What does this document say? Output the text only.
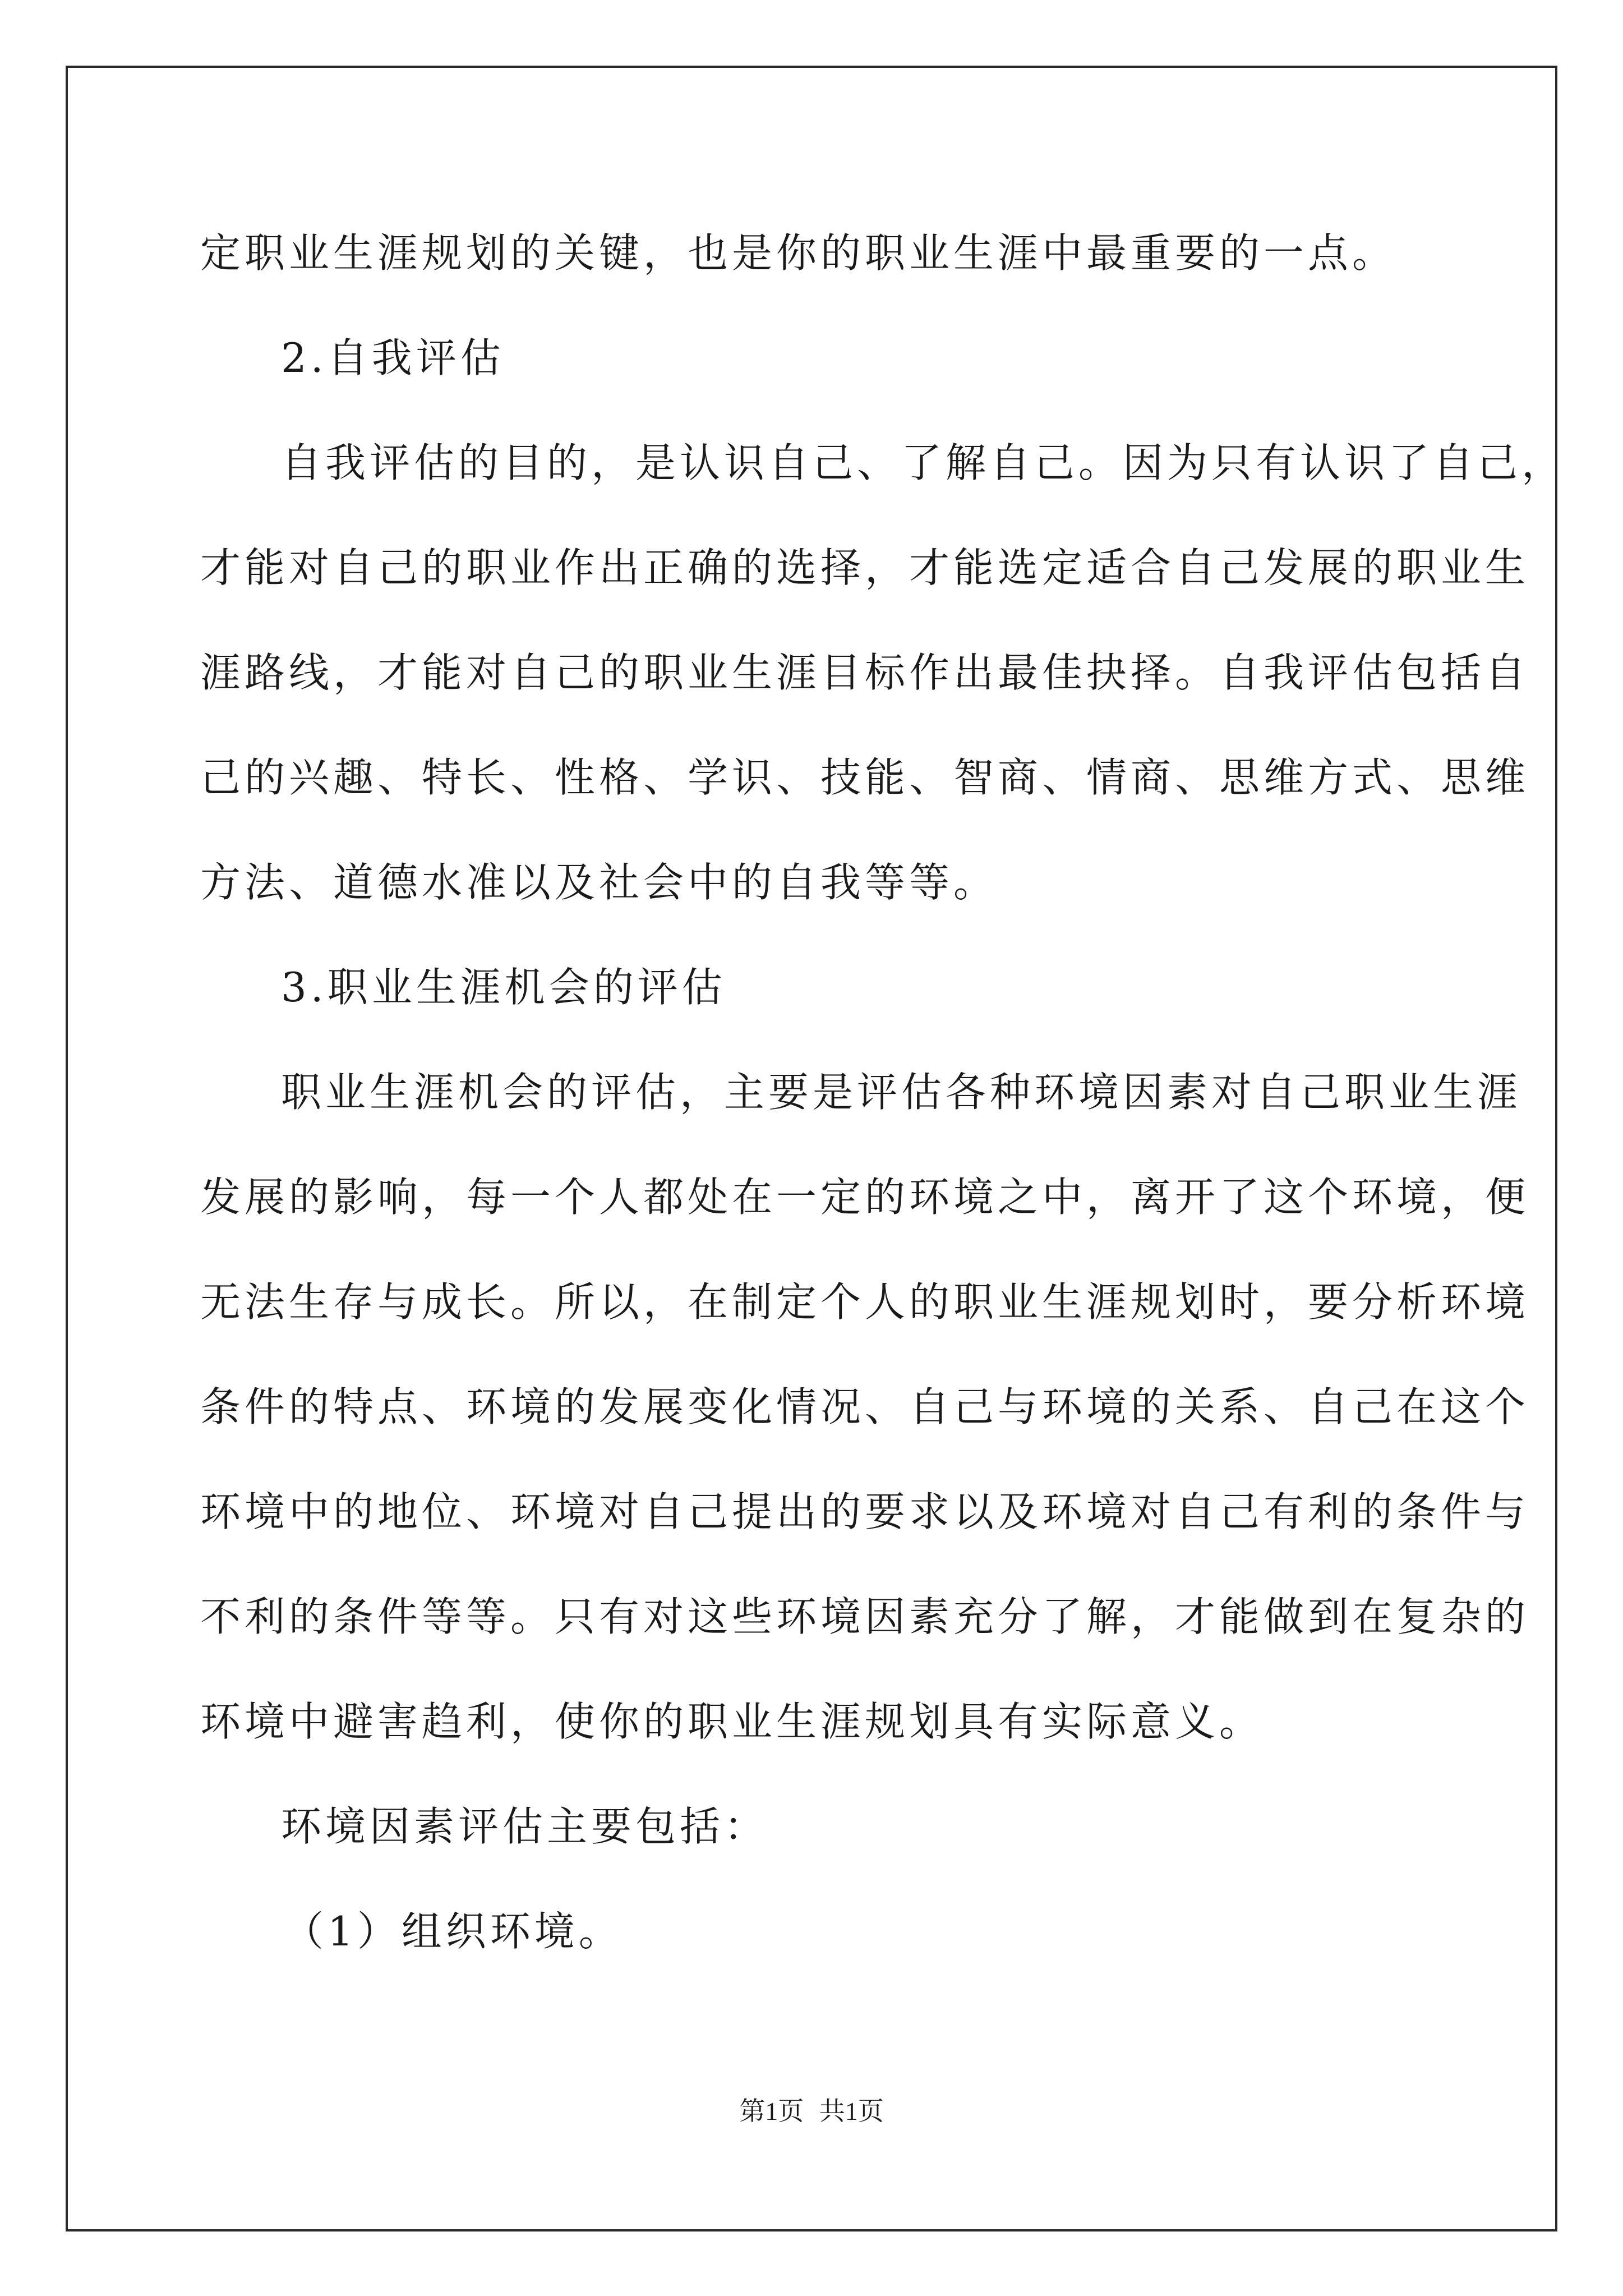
定职业生涯规划的关键，也是你的职业生涯中最重要的一点。
2.自我评估
自我评估的目的，是认识自己、了解自己。因为只有认识了自己，
才能对自己的职业作出正确的选择，才能选定适合自己发展的职业生
涯路线，才能对自己的职业生涯目标作出最佳抉择。自我评估包括自
己的兴趣、特长、性格、学识、技能、智商、情商、思维方式、思维
方法、道德水准以及社会中的自我等等。
3.职业生涯机会的评估
职业生涯机会的评估，主要是评估各种环境因素对自己职业生涯
发展的影响，每一个人都处在一定的环境之中，离开了这个环境，便
无法生存与成长。所以，在制定个人的职业生涯规划时，要分析环境
条件的特点、环境的发展变化情况、自己与环境的关系、自己在这个
环境中的地位、环境对自己提出的要求以及环境对自己有利的条件与
不利的条件等等。只有对这些环境因素充分了解，才能做到在复杂的
环境中避害趋利，使你的职业生涯规划具有实际意义。
环境因素评估主要包括：
（1）组织环境。
第1页 共1页
